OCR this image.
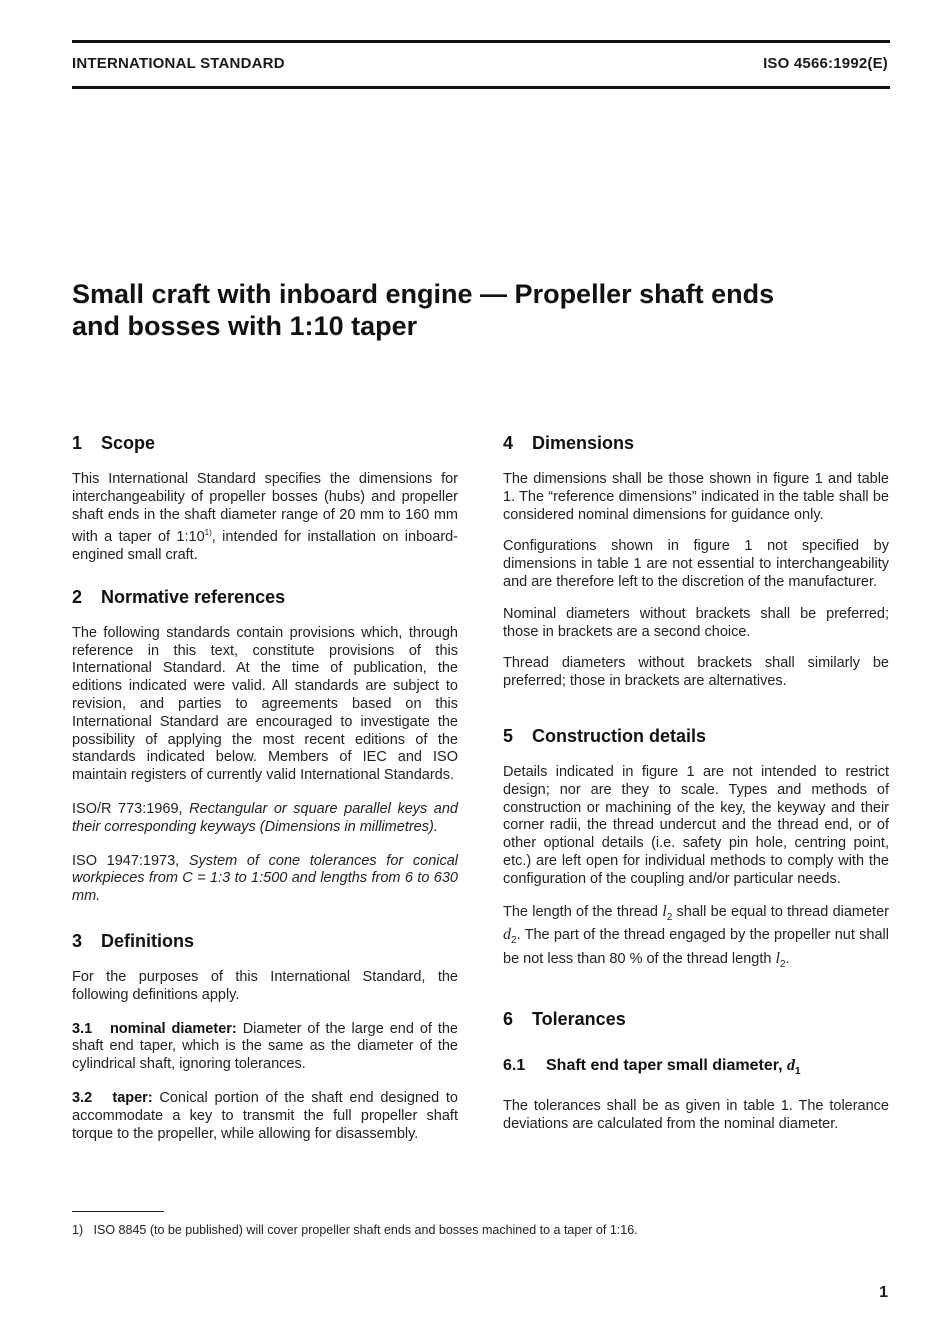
INTERNATIONAL STANDARD	ISO 4566:1992(E)
Small craft with inboard engine — Propeller shaft ends
and bosses with 1:10 taper
1 Scope

This International Standard specifies the dimensions for interchangeability of propeller bosses (hubs) and propeller shaft ends in the shaft diameter range of 20 mm to 160 mm with a taper of 1:10$^{1)}$, intended for installation on inboard-engined small craft.

2 Normative references

The following standards contain provisions which, through reference in this text, constitute provisions of this International Standard. At the time of publication, the editions indicated were valid. All standards are subject to revision, and parties to agreements based on this International Standard are encouraged to investigate the possibility of applying the most recent editions of the standards indicated below. Members of IEC and ISO maintain registers of currently valid International Standards.

ISO/R 773:1969, Rectangular or square parallel keys and their corresponding keyways (Dimensions in millimetres).

ISO 1947:1973, System of cone tolerances for conical workpieces from C = 1:3 to 1:500 and lengths from 6 to 630 mm.

3 Definitions

For the purposes of this International Standard, the following definitions apply.

3.1 nominal diameter: Diameter of the large end of the shaft end taper, which is the same as the diameter of the cylindrical shaft, ignoring tolerances.

3.2 taper: Conical portion of the shaft end designed to accommodate a key to transmit the full propeller shaft torque to the propeller, while allowing for disassembly.

4 Dimensions

The dimensions shall be those shown in figure 1 and table 1. The “reference dimensions” indicated in the table shall be considered nominal dimensions for guidance only.

Configurations shown in figure 1 not specified by dimensions in table 1 are not essential to interchangeability and are therefore left to the discretion of the manufacturer.

Nominal diameters without brackets shall be preferred; those in brackets are a second choice.

Thread diameters without brackets shall similarly be preferred; those in brackets are alternatives.

5 Construction details

Details indicated in figure 1 are not intended to restrict design; nor are they to scale. Types and methods of construction or machining of the key, the keyway and their corner radii, the thread undercut and the thread end, or of other optional details (i.e. safety pin hole, centring point, etc.) are left open for individual methods to comply with the configuration of the coupling and/or particular needs.

The length of the thread $l_2$ shall be equal to thread diameter $d_2$. The part of the thread engaged by the propeller nut shall be not less than 80 % of the thread length $l_2$.

6 Tolerances
6.1 Shaft end taper small diameter, $d_1$

The tolerances shall be as given in table 1. The tolerance deviations are calculated from the nominal diameter.

1) ISO 8845 (to be published) will cover propeller shaft ends and bosses machined to a taper of 1:16.
1
